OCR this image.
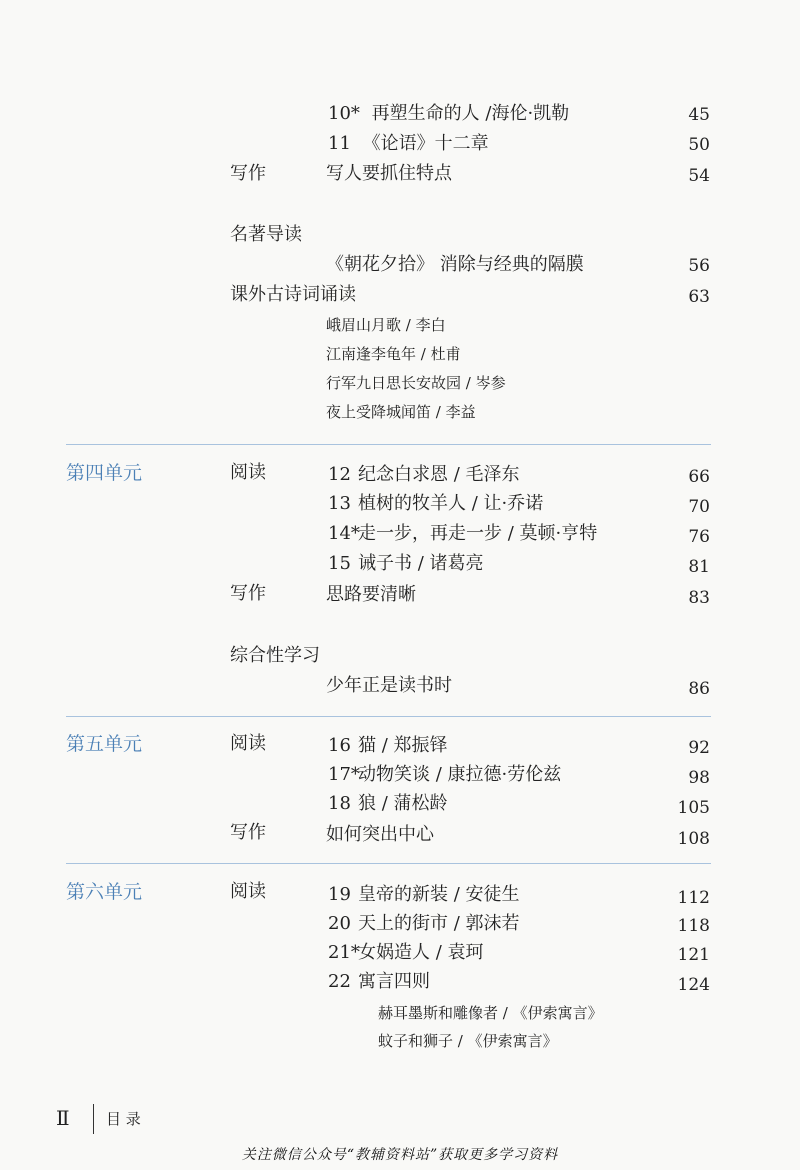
10* 再塑生命的人 /海伦·凯勒	45
11 《论语》十二章	50
写作	写人要抓住特点	54
名著导读
《朝花夕拾》 消除与经典的隔膜	56
课外古诗词诵读	63
峨眉山月歌 / 李白
江南逢李龟年 / 杜甫
行军九日思长安故园 / 岑参
夜上受降城闻笛 / 李益
第四单元	阅读	12 纪念白求恩 / 毛泽东	66
13 植树的牧羊人 / 让·乔诺	70
14*走一步，再走一步 / 莫顿·亨特	76
15 诫子书 / 诸葛亮	81
写作	思路要清晰	83
综合性学习
少年正是读书时	86
第五单元	阅读	16 猫 / 郑振铎	92
17*动物笑谈 / 康拉德·劳伦兹	98
18 狼 / 蒲松龄	105
写作	如何突出中心	108
第六单元	阅读	19 皇帝的新装 / 安徒生	112
20 天上的街市 / 郭沫若	118
21*女娲造人 / 袁珂	121
22 寓言四则	124
赫耳墨斯和雕像者 / 《伊索寓言》
蚊子和狮子 / 《伊索寓言》
Ⅱ 目 录
关注微信公众号“教辅资料站”获取更多学习资料
